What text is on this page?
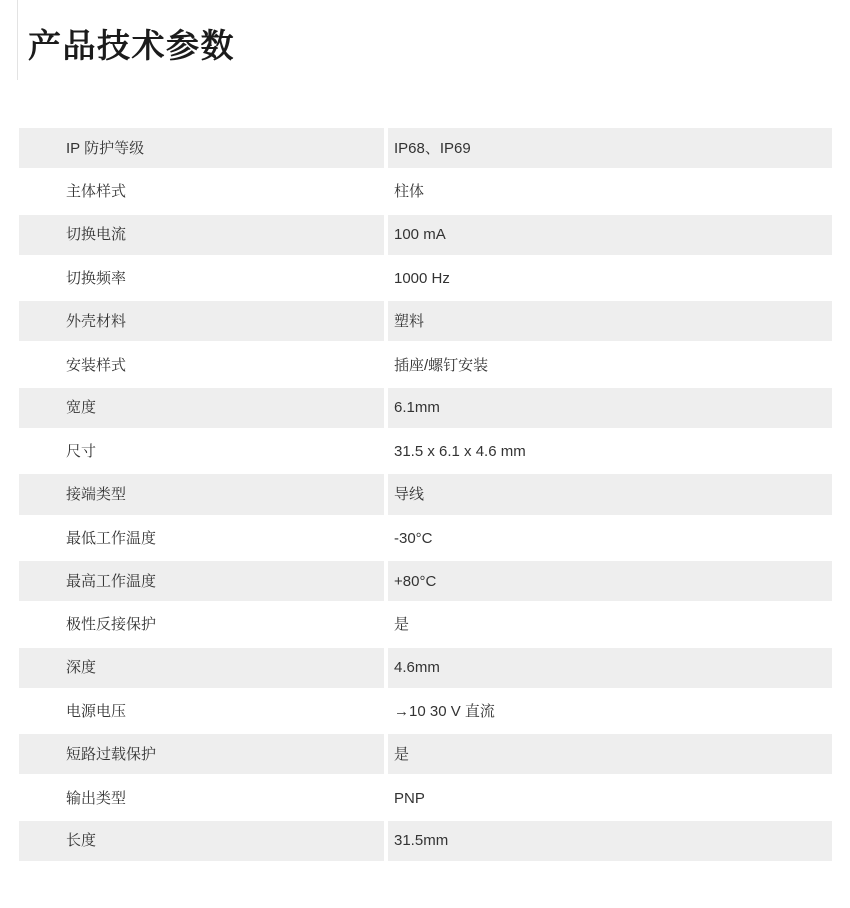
产品技术参数
IP 防护等级	IP68、IP69
主体样式	柱体
切换电流	100 mA
切换频率	1000 Hz
外壳材料	塑料
安装样式	插座/螺钉安装
宽度	6.1mm
尺寸	31.5 x 6.1 x 4.6 mm
接端类型	导线
最低工作温度	-30°C
最高工作温度	+80°C
极性反接保护	是
深度	4.6mm
电源电压	→10 30 V 直流
短路过载保护	是
输出类型	PNP
长度	31.5mm
